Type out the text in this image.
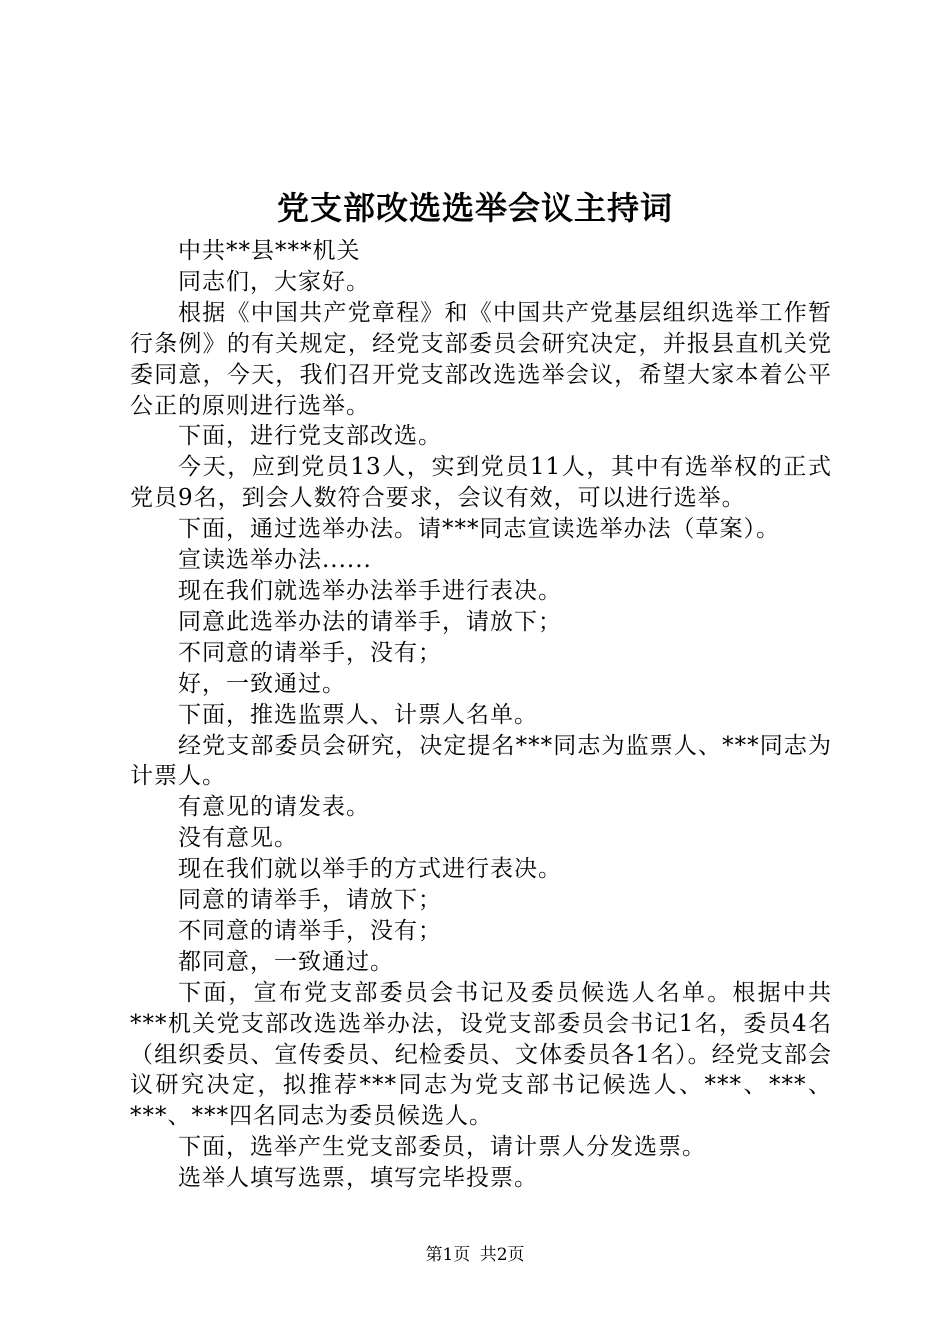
党支部改选选举会议主持词

中共**县***机关

同志们，大家好。

根据《中国共产党章程》和《中国共产党基层组织选举工作暂行条例》的有关规定，经党支部委员会研究决定，并报县直机关党委同意，今天，我们召开党支部改选选举会议，希望大家本着公平公正的原则进行选举。

下面，进行党支部改选。

今天，应到党员13人，实到党员11人，其中有选举权的正式党员9名，到会人数符合要求，会议有效，可以进行选举。

下面，通过选举办法。请***同志宣读选举办法（草案）。

宣读选举办法......

现在我们就选举办法举手进行表决。

同意此选举办法的请举手，请放下；

不同意的请举手，没有；

好，一致通过。

下面，推选监票人、计票人名单。

经党支部委员会研究，决定提名***同志为监票人、***同志为计票人。

有意见的请发表。

没有意见。

现在我们就以举手的方式进行表决。

同意的请举手，请放下；

不同意的请举手，没有；

都同意，一致通过。

下面，宣布党支部委员会书记及委员候选人名单。根据中共***机关党支部改选选举办法，设党支部委员会书记1名，委员4名（组织委员、宣传委员、纪检委员、文体委员各1名）。经党支部会议研究决定，拟推荐***同志为党支部书记候选人、***、***、***、***四名同志为委员候选人。

下面，选举产生党支部委员，请计票人分发选票。

选举人填写选票，填写完毕投票。

第1页 共2页
